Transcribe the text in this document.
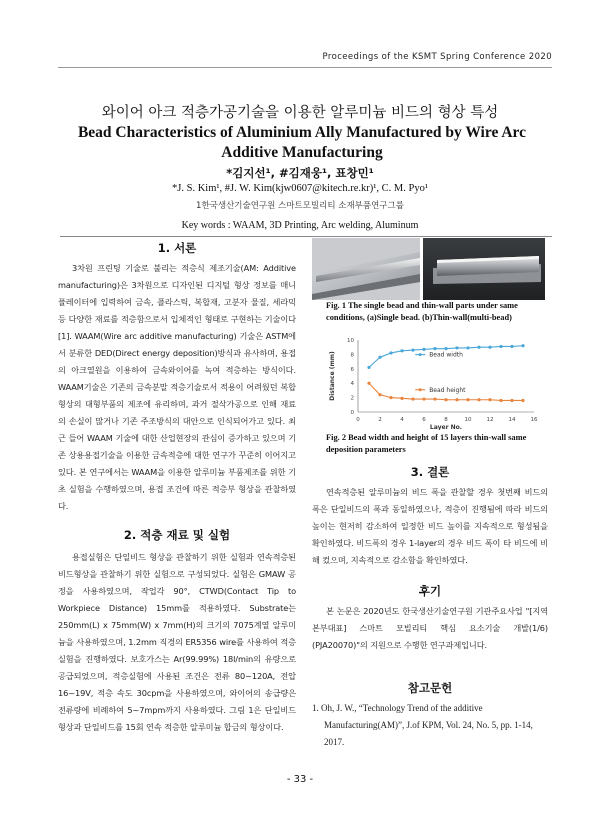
Proceedings of the KSMT Spring Conference 2020
와이어 아크 적층가공기술을 이용한 알루미늄 비드의 형상 특성
Bead Characteristics of Aluminium Ally Manufactured by Wire Arc Additive Manufacturing
*김지선¹, #김재웅¹, 표창민¹
*J. S. Kim¹, #J. W. Kim(kjw0607@kitech.re.kr)¹, C. M. Pyo¹
1한국생산기술연구원 스마트모빌리티 소재부품연구그룹
Key words : WAAM, 3D Printing, Arc welding, Aluminum
1. 서론
3차원 프린팅 기술로 불리는 적층식 제조기술(AM: Additive manufacturing)은 3차원으로 디자인된 디지털 형상 정보를 매니퓰레이터에 입력하여 금속, 플라스틱, 복합재, 고분자 물질, 세라믹 등 다양한 재료를 적층함으로서 입체적인 형태로 구현하는 기술이다[1]. WAAM(Wire arc additive manufacturing) 기술은 ASTM에서 분류한 DED(Direct energy deposition)방식과 유사하며, 용접의 아크열원을 이용하여 금속와이어를 녹여 적층하는 방식이다. WAAM기술은 기존의 금속분말 적층기술로서 적용이 어려웠던 복합형상의 대형부품의 제조에 유리하며, 과거 절삭가공으로 인해 재료의 손실이 많거나 기존 주조방식의 대안으로 인식되어가고 있다. 최근 들어 WAAM 기술에 대한 산업현장의 관심이 증가하고 있으며 기존 상용용접기술을 이용한 금속적층에 대한 연구가 꾸준히 이어지고 있다. 본 연구에서는 WAAM을 이용한 알루미늄 부품제조를 위한 기초 실험을 수행하였으며, 용접 조건에 따른 적층부 형상을 관찰하였다.
2. 적층 재료 및 실험
용접실험은 단일비드 형상을 관찰하기 위한 실험과 연속적층된 비드형상을 관찰하기 위한 실험으로 구성되었다. 실험은 GMAW 공정을 사용하였으며, 작업각 90°, CTWD(Contact Tip to Workpiece Distance) 15mm를 적용하였다. Substrate는 250mm(L) x 75mm(W) x 7mm(H)의 크기의 7075계열 알루미늄을 사용하였으며, 1.2mm 직경의 ER5356 wire를 사용하여 적층실험을 진행하였다. 보호가스는 Ar(99.99%) 18l/min의 유량으로 공급되었으며, 적층실험에 사용된 조건은 전류 80~120A, 전압 16~19V, 적층 속도 30cpm을 사용하였으며, 와이어의 송급량은 전류량에 비례하여 5~7mpm까지 사용하였다. 그림 1은 단일비드 형상과 단일비드를 15회 연속 적층한 알루미늄 합금의 형상이다.
Fig. 1 The single bead and thin-wall parts under same conditions, (a)Single bead. (b)Thin-wall(multi-bead)
0	2	4	6	8	10	12	14	16
0
2
4
6
8
10
Layer No.
Distance (mm)	Bead width
Bead height
Fig. 2 Bead width and height of 15 layers thin-wall same deposition parameters
3. 결론
연속적층된 알루미늄의 비드 폭을 관찰할 경우 첫번째 비드의 폭은 단일비드의 폭과 동일하였으나, 적층이 진행됨에 따라 비드의 높이는 현저히 감소하여 일정한 비드 높이를 지속적으로 형성됨을 확인하였다. 비드폭의 경우 1-layer의 경우 비드 폭이 타 비드에 비해 컸으며, 지속적으로 감소함을 확인하였다.
후기
본 논문은 2020년도 한국생산기술연구원 기관주요사업 "[지역본부대표] 스마트 모빌리티 핵심 요소기술 개발(1/6) (PJA20070)"의 지원으로 수행한 연구과제입니다.
참고문헌
1. Oh, J. W., “Technology Trend of the additive Manufacturing(AM)”, J.of KPM, Vol. 24, No. 5, pp. 1-14, 2017.
- 33 -
